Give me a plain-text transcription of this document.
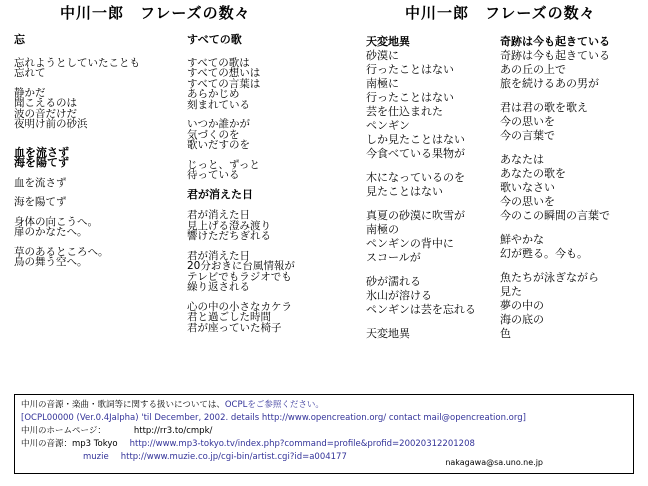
中川一郎　フレーズの数々	中川一郎　フレーズの数々
忘
忘れようとしていたことも
忘れて
静かだ
聞こえるのは
波の音だけだ
夜明け前の砂浜
血を流さず
海を陽てず
血を流さず
海を陽てず
身体の向こうへ。
扉のかなたへ。
草のあるところへ。
鳥の舞う空へ。
すべての歌
すべての歌は
すべての想いは
すべての言葉は
あらかじめ
刻まれている
いつか誰かが
気づくのを
歌いだすのを
じっと、ずっと
待っている
君が消えた日
君が消えた日
見上げる澄み渡り
響けただちぎれる
君が消えた日
20分おきに台風情報が
テレビでもラジオでも
繰り返される
心の中の小さなカケラ
君と過ごした時間
君が座っていた椅子
天変地異
砂漠に
行ったことはない
南極に
行ったことはない
芸を仕込まれた
ペンギン
しか見たことはない
今食べている果物が
木になっているのを
見たことはない
真夏の砂漠に吹雪が
南極の
ペンギンの背中に
スコールが
砂が濡れる
氷山が溶ける
ペンギンは芸を忘れる
天変地異
奇跡は今も起きている
奇跡は今も起きている
あの丘の上で
旅を続けるあの男が
君は君の歌を歌え
今の思いを
今の言葉で
あなたは
あなたの歌を
歌いなさい
今の思いを
今のこの瞬間の言葉で
鮮やかな
幻が甦る。今も。
魚たちが泳ぎながら
見た
夢の中の
海の底の
色
中川の音源・楽曲・歌詞等に関する扱いについては、OCPLをご参照ください。
[OCPL00000 (Ver.0.4Jalpha) 'til December, 2002. details http://www.opencreation.org/ contact mail@opencreation.org]
中川のホームページ：	http://rr3.to/cmpk/
中川の音源：mp3 Tokyo http://www.mp3-tokyo.tv/index.php?command=profile&profid=20020312201208
muzie http://www.muzie.co.jp/cgi-bin/artist.cgi?id=a004177
nakagawa@sa.uno.ne.jp
